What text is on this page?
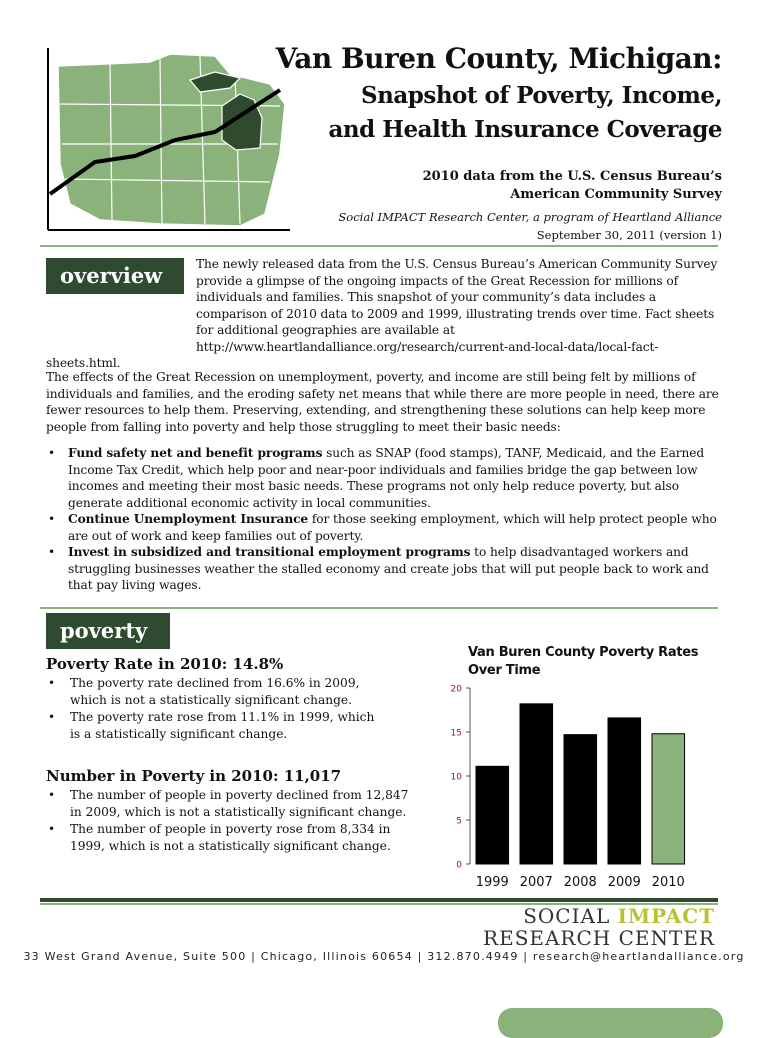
Van Buren County, Michigan:
Snapshot of Poverty, Income,
and Health Insurance Coverage
2010 data from the U.S. Census Bureau’s
American Community Survey
Social IMPACT Research Center, a program of Heartland Alliance
September 30, 2011 (version 1)
overview	The newly released data from the U.S. Census Bureau’s American Community Survey provide a glimpse of the ongoing impacts of the Great Recession for millions of individuals and families. This snapshot of your community’s data includes a comparison of 2010 data to 2009 and 1999, illustrating trends over time. Fact sheets for additional geographies are available at http://www.heartlandalliance.org/research/current-and-local-data/local-fact-sheets.html.
The effects of the Great Recession on unemployment, poverty, and income are still being felt by millions of individuals and families, and the eroding safety net means that while there are more people in need, there are fewer resources to help them. Preserving, extending, and strengthening these solutions can help keep more people from falling into poverty and help those struggling to meet their basic needs:

• Fund safety net and benefit programs such as SNAP (food stamps), TANF, Medicaid, and the Earned Income Tax Credit, which help poor and near-poor individuals and families bridge the gap between low incomes and meeting their most basic needs. These programs not only help reduce poverty, but also generate additional economic activity in local communities.

• Continue Unemployment Insurance for those seeking employment, which will help protect people who are out of work and keep families out of poverty.

• Invest in subsidized and transitional employment programs to help disadvantaged workers and struggling businesses weather the stalled economy and create jobs that will put people back to work and that pay living wages.

poverty
Poverty Rate in 2010: 14.8%
• The poverty rate declined from 16.6% in 2009, which is not a statistically significant change.
• The poverty rate rose from 11.1% in 1999, which is a statistically significant change.
Number in Poverty in 2010: 11,017
• The number of people in poverty declined from 12,847 in 2009, which is not a statistically significant change.
• The number of people in poverty rose from 8,334 in 1999, which is not a statistically significant change.
Van Buren County Poverty Rates Over Time
0
5
10
15
20
1999 2007 2008 2009 2010
SOCIAL IMPACT
RESEARCH CENTER
33 West Grand Avenue, Suite 500 | Chicago, Illinois 60654 | 312.870.4949 | research@heartlandalliance.org
